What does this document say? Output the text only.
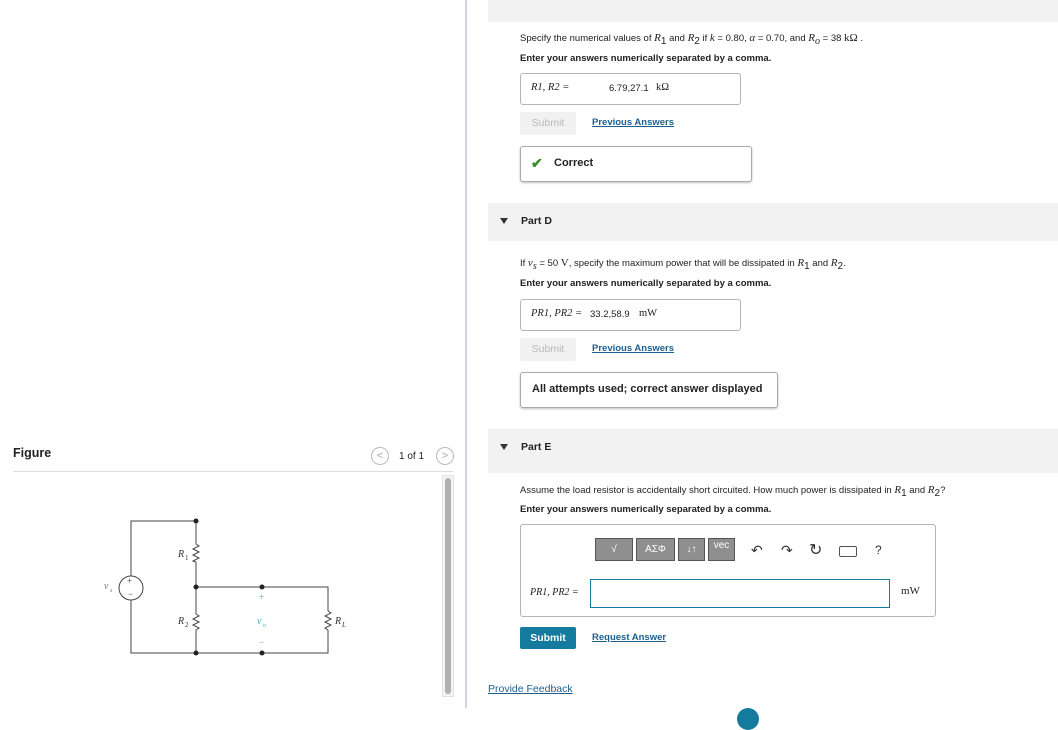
Figure	<	1 of 1	>
+
−
v s
R 1
R 2	R L
+
v o
−
Specify the numerical values of $R_1$ and $R_2$ if k = 0.80, α = 0.70, and $R_o = 38$ kΩ .
Enter your answers numerically separated by a comma.
R1, R2 =	6.79,27.1 kΩ
Submit	Previous Answers
✔ Correct
Part D
If $v_s = 50$ V, specify the maximum power that will be dissipated in $R_1$ and $R_2$.
Enter your answers numerically separated by a comma.
PR1, PR2 = 33.2,58.9 mW
Submit	Previous Answers
All attempts used; correct answer displayed
Part E
Assume the load resistor is accidentally short circuited. How much power is dissipated in $R_1$ and $R_2$?
Enter your answers numerically separated by a comma.
√	ΑΣΦ	↓↑	vec	↶ ↷ ↻	?
PR1, PR2 =	mW
Submit	Request Answer
Provide Feedback
